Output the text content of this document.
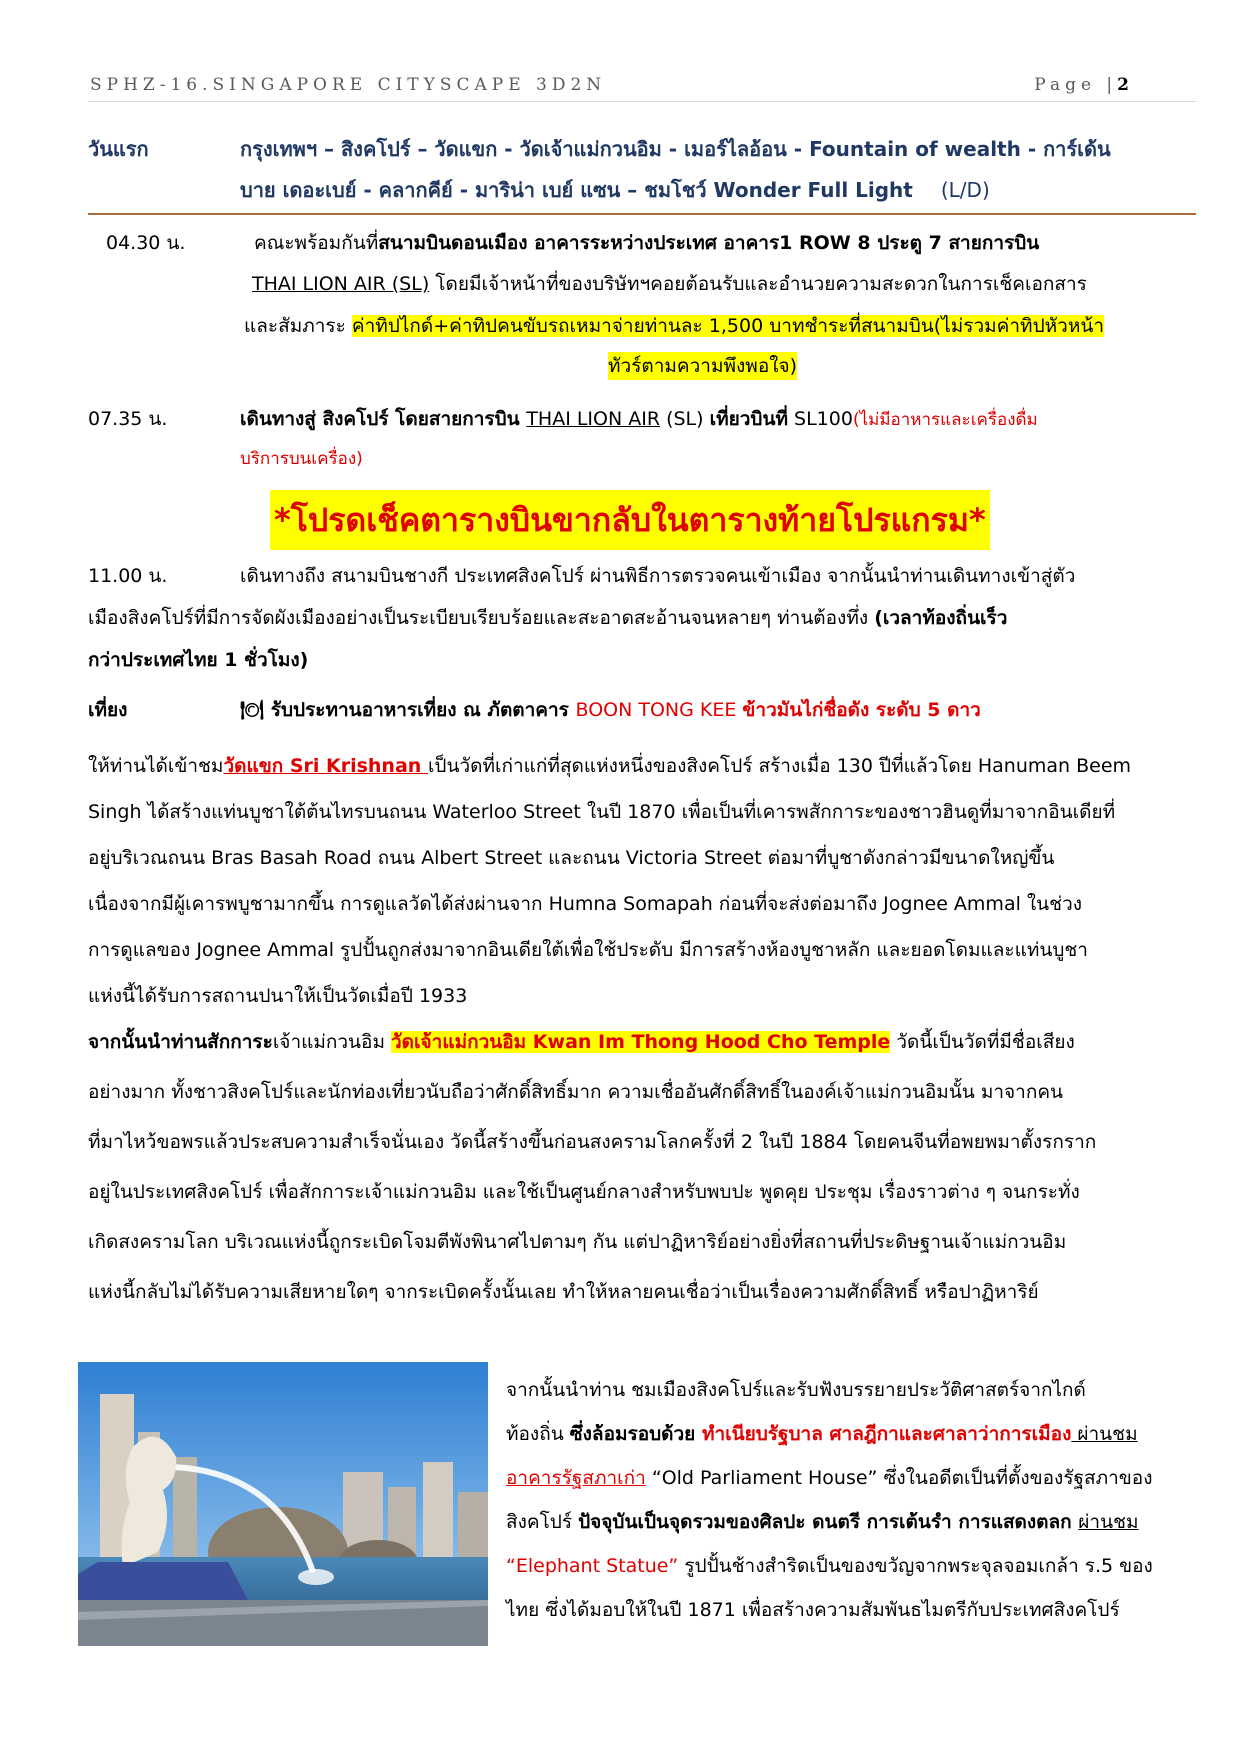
SPHZ-16.SINGAPORE CITYSCAPE 3D2N	Page |2
วันแรก	กรุงเทพฯ – สิงคโปร์ – วัดแขก - วัดเจ้าแม่กวนอิม - เมอร์ไลอ้อน - Fountain of wealth - การ์เด้น
บาย เดอะเบย์ - คลากคีย์ - มาริน่า เบย์ แซน – ชมโชว์ Wonder Full Light (L/D)
04.30 น.	คณะพร้อมกันที่สนามบินดอนเมือง อาคารระหว่างประเทศ อาคาร1 ROW 8 ประตู 7 สายการบิน
THAI LION AIR (SL) โดยมีเจ้าหน้าที่ของบริษัทฯคอยต้อนรับและอำนวยความสะดวกในการเช็คเอกสาร
และสัมภาระ ค่าทิปไกด์+ค่าทิปคนขับรถเหมาจ่ายท่านละ 1,500 บาทชำระที่สนามบิน(ไม่รวมค่าทิปหัวหน้า
ทัวร์ตามความพึงพอใจ)
07.35 น.	เดินทางสู่ สิงคโปร์ โดยสายการบิน THAI LION AIR (SL) เที่ยวบินที่ SL100(ไม่มีอาหารและเครื่องดื่ม
บริการบนเครื่อง)
*โปรดเช็คตารางบินขากลับในตารางท้ายโปรแกรม*
11.00 น.	เดินทางถึง สนามบินชางกี ประเทศสิงคโปร์ ผ่านพิธีการตรวจคนเข้าเมือง จากนั้นนำท่านเดินทางเข้าสู่ตัว
เมืองสิงคโปร์ที่มีการจัดผังเมืองอย่างเป็นระเบียบเรียบร้อยและสะอาดสะอ้านจนหลายๆ ท่านต้องทึ่ง (เวลาท้องถิ่นเร็ว
กว่าประเทศไทย 1 ชั่วโมง)
เที่ยง	🍽 รับประทานอาหารเที่ยง ณ ภัตตาคาร BOON TONG KEE ข้าวมันไก่ชื่อดัง ระดับ 5 ดาว
ให้ท่านได้เข้าชมวัดแขก Sri Krishnan เป็นวัดที่เก่าแก่ที่สุดแห่งหนึ่งของสิงคโปร์ สร้างเมื่อ 130 ปีที่แล้วโดย Hanuman Beem
Singh ได้สร้างแท่นบูชาใต้ต้นไทรบนถนน Waterloo Street ในปี 1870 เพื่อเป็นที่เคารพสักการะของชาวฮินดูที่มาจากอินเดียที่
อยู่บริเวณถนน Bras Basah Road ถนน Albert Street และถนน Victoria Street ต่อมาที่บูชาดังกล่าวมีขนาดใหญ่ขึ้น
เนื่องจากมีผู้เคารพบูชามากขึ้น การดูแลวัดได้ส่งผ่านจาก Humna Somapah ก่อนที่จะส่งต่อมาถึง Jognee Ammal ในช่วง
การดูแลของ Jognee Ammal รูปปั้นถูกส่งมาจากอินเดียใต้เพื่อใช้ประดับ มีการสร้างห้องบูชาหลัก และยอดโดมและแท่นบูชา
แห่งนี้ได้รับการสถานปนาให้เป็นวัดเมื่อปี 1933
จากนั้นนำท่านสักการะเจ้าแม่กวนอิม วัดเจ้าแม่กวนอิม Kwan Im Thong Hood Cho Temple วัดนี้เป็นวัดที่มีชื่อเสียง
อย่างมาก ทั้งชาวสิงคโปร์และนักท่องเที่ยวนับถือว่าศักดิ์สิทธิ์มาก ความเชื่ออันศักดิ์สิทธิ์ในองค์เจ้าแม่กวนอิมนั้น มาจากคน
ที่มาไหว้ขอพรแล้วประสบความสำเร็จนั่นเอง วัดนี้สร้างขึ้นก่อนสงครามโลกครั้งที่ 2 ในปี 1884 โดยคนจีนที่อพยพมาตั้งรกราก
อยู่ในประเทศสิงคโปร์ เพื่อสักการะเจ้าแม่กวนอิม และใช้เป็นศูนย์กลางสำหรับพบปะ พูดคุย ประชุม เรื่องราวต่าง ๆ จนกระทั่ง
เกิดสงครามโลก บริเวณแห่งนี้ถูกระเบิดโจมตีพังพินาศไปตามๆ กัน แต่ปาฏิหาริย์อย่างยิ่งที่สถานที่ประดิษฐานเจ้าแม่กวนอิม
แห่งนี้กลับไม่ได้รับความเสียหายใดๆ จากระเบิดครั้งนั้นเลย ทำให้หลายคนเชื่อว่าเป็นเรื่องความศักดิ์สิทธิ์ หรือปาฏิหาริย์
จากนั้นนำท่าน ชมเมืองสิงคโปร์และรับฟังบรรยายประวัติศาสตร์จากไกด์
ท้องถิ่น ซึ่งล้อมรอบด้วย ทำเนียบรัฐบาล ศาลฎีกาและศาลาว่าการเมือง ผ่านชม
อาคารรัฐสภาเก่า “Old Parliament House” ซึ่งในอดีตเป็นที่ตั้งของรัฐสภาของ
สิงคโปร์ ปัจจุบันเป็นจุดรวมของศิลปะ ดนตรี การเต้นรำ การแสดงตลก ผ่านชม
“Elephant Statue” รูปปั้นช้างสำริดเป็นของขวัญจากพระจุลจอมเกล้า ร.5 ของ
ไทย ซึ่งได้มอบให้ในปี 1871 เพื่อสร้างความสัมพันธไมตรีกับประเทศสิงคโปร์
